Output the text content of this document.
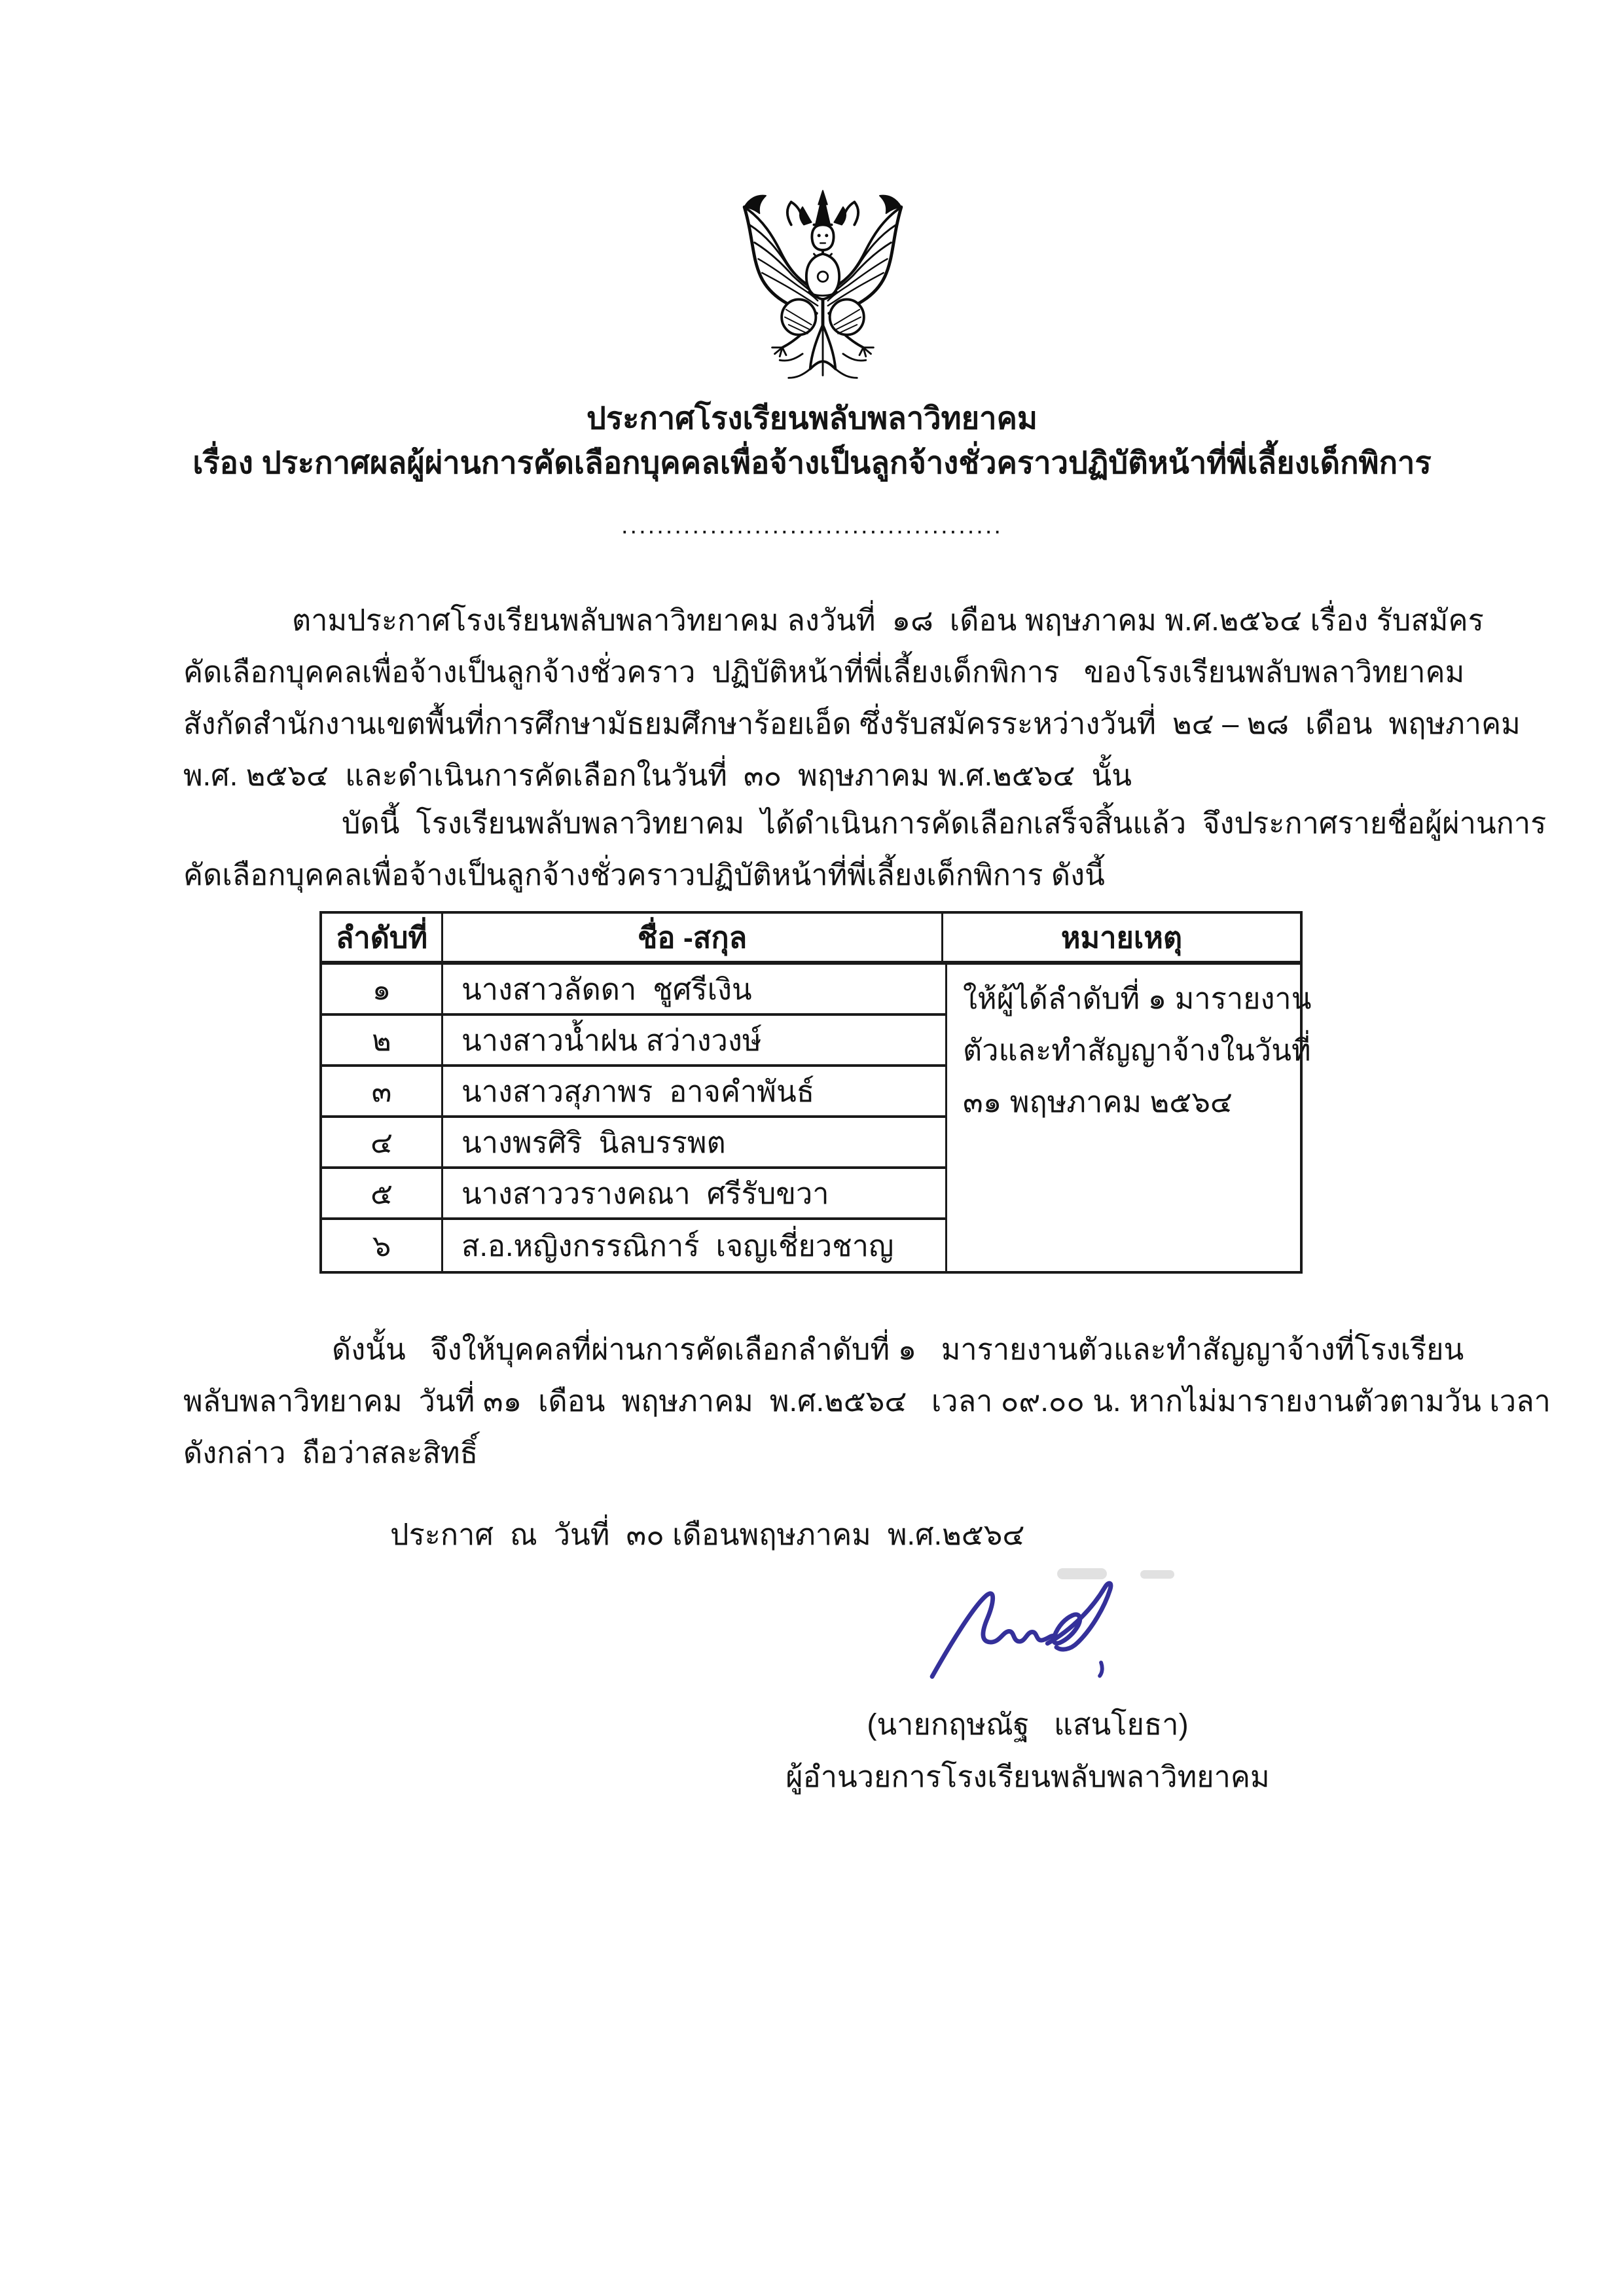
ประกาศโรงเรียนพลับพลาวิทยาคม
เรื่อง ประกาศผลผู้ผ่านการคัดเลือกบุคคลเพื่อจ้างเป็นลูกจ้างชั่วคราวปฏิบัติหน้าที่พี่เลี้ยงเด็กพิการ
...........................................
ตามประกาศโรงเรียนพลับพลาวิทยาคม ลงวันที่  ๑๘  เดือน พฤษภาคม พ.ศ.๒๕๖๔ เรื่อง รับสมัคร
คัดเลือกบุคคลเพื่อจ้างเป็นลูกจ้างชั่วคราว  ปฏิบัติหน้าที่พี่เลี้ยงเด็กพิการ   ของโรงเรียนพลับพลาวิทยาคม
สังกัดสำนักงานเขตพื้นที่การศึกษามัธยมศึกษาร้อยเอ็ด ซึ่งรับสมัครระหว่างวันที่  ๒๔ – ๒๘  เดือน  พฤษภาคม
พ.ศ. ๒๕๖๔  และดำเนินการคัดเลือกในวันที่  ๓๐  พฤษภาคม พ.ศ.๒๕๖๔  นั้น
บัดนี้  โรงเรียนพลับพลาวิทยาคม  ได้ดำเนินการคัดเลือกเสร็จสิ้นแล้ว  จึงประกาศรายชื่อผู้ผ่านการ
คัดเลือกบุคคลเพื่อจ้างเป็นลูกจ้างชั่วคราวปฏิบัติหน้าที่พี่เลี้ยงเด็กพิการ ดังนี้
ลำดับที่	ชื่อ -สกุล	หมายเหตุ
๑	นางสาวลัดดา  ชูศรีเงิน
๒	นางสาวน้ำฝน สว่างวงษ์
๓	นางสาวสุภาพร  อาจคำพันธ์
๔	นางพรศิริ  นิลบรรพต
๕	นางสาววรางคณา  ศรีรับขวา
๖	ส.อ.หญิงกรรณิการ์  เจญเชี่ยวชาญ
ให้ผู้ได้ลำดับที่ ๑ มารายงาน
ตัวและทำสัญญาจ้างในวันที่
๓๑ พฤษภาคม ๒๕๖๔
ดังนั้น   จึงให้บุคคลที่ผ่านการคัดเลือกลำดับที่ ๑   มารายงานตัวและทำสัญญาจ้างที่โรงเรียน
พลับพลาวิทยาคม  วันที่ ๓๑  เดือน  พฤษภาคม  พ.ศ.๒๕๖๔   เวลา ๐๙.๐๐ น. หากไม่มารายงานตัวตามวัน เวลา
ดังกล่าว  ถือว่าสละสิทธิ์
ประกาศ  ณ  วันที่  ๓๐ เดือนพฤษภาคม  พ.ศ.๒๕๖๔
(นายกฤษณัฐ   แสนโยธา)
ผู้อำนวยการโรงเรียนพลับพลาวิทยาคม
